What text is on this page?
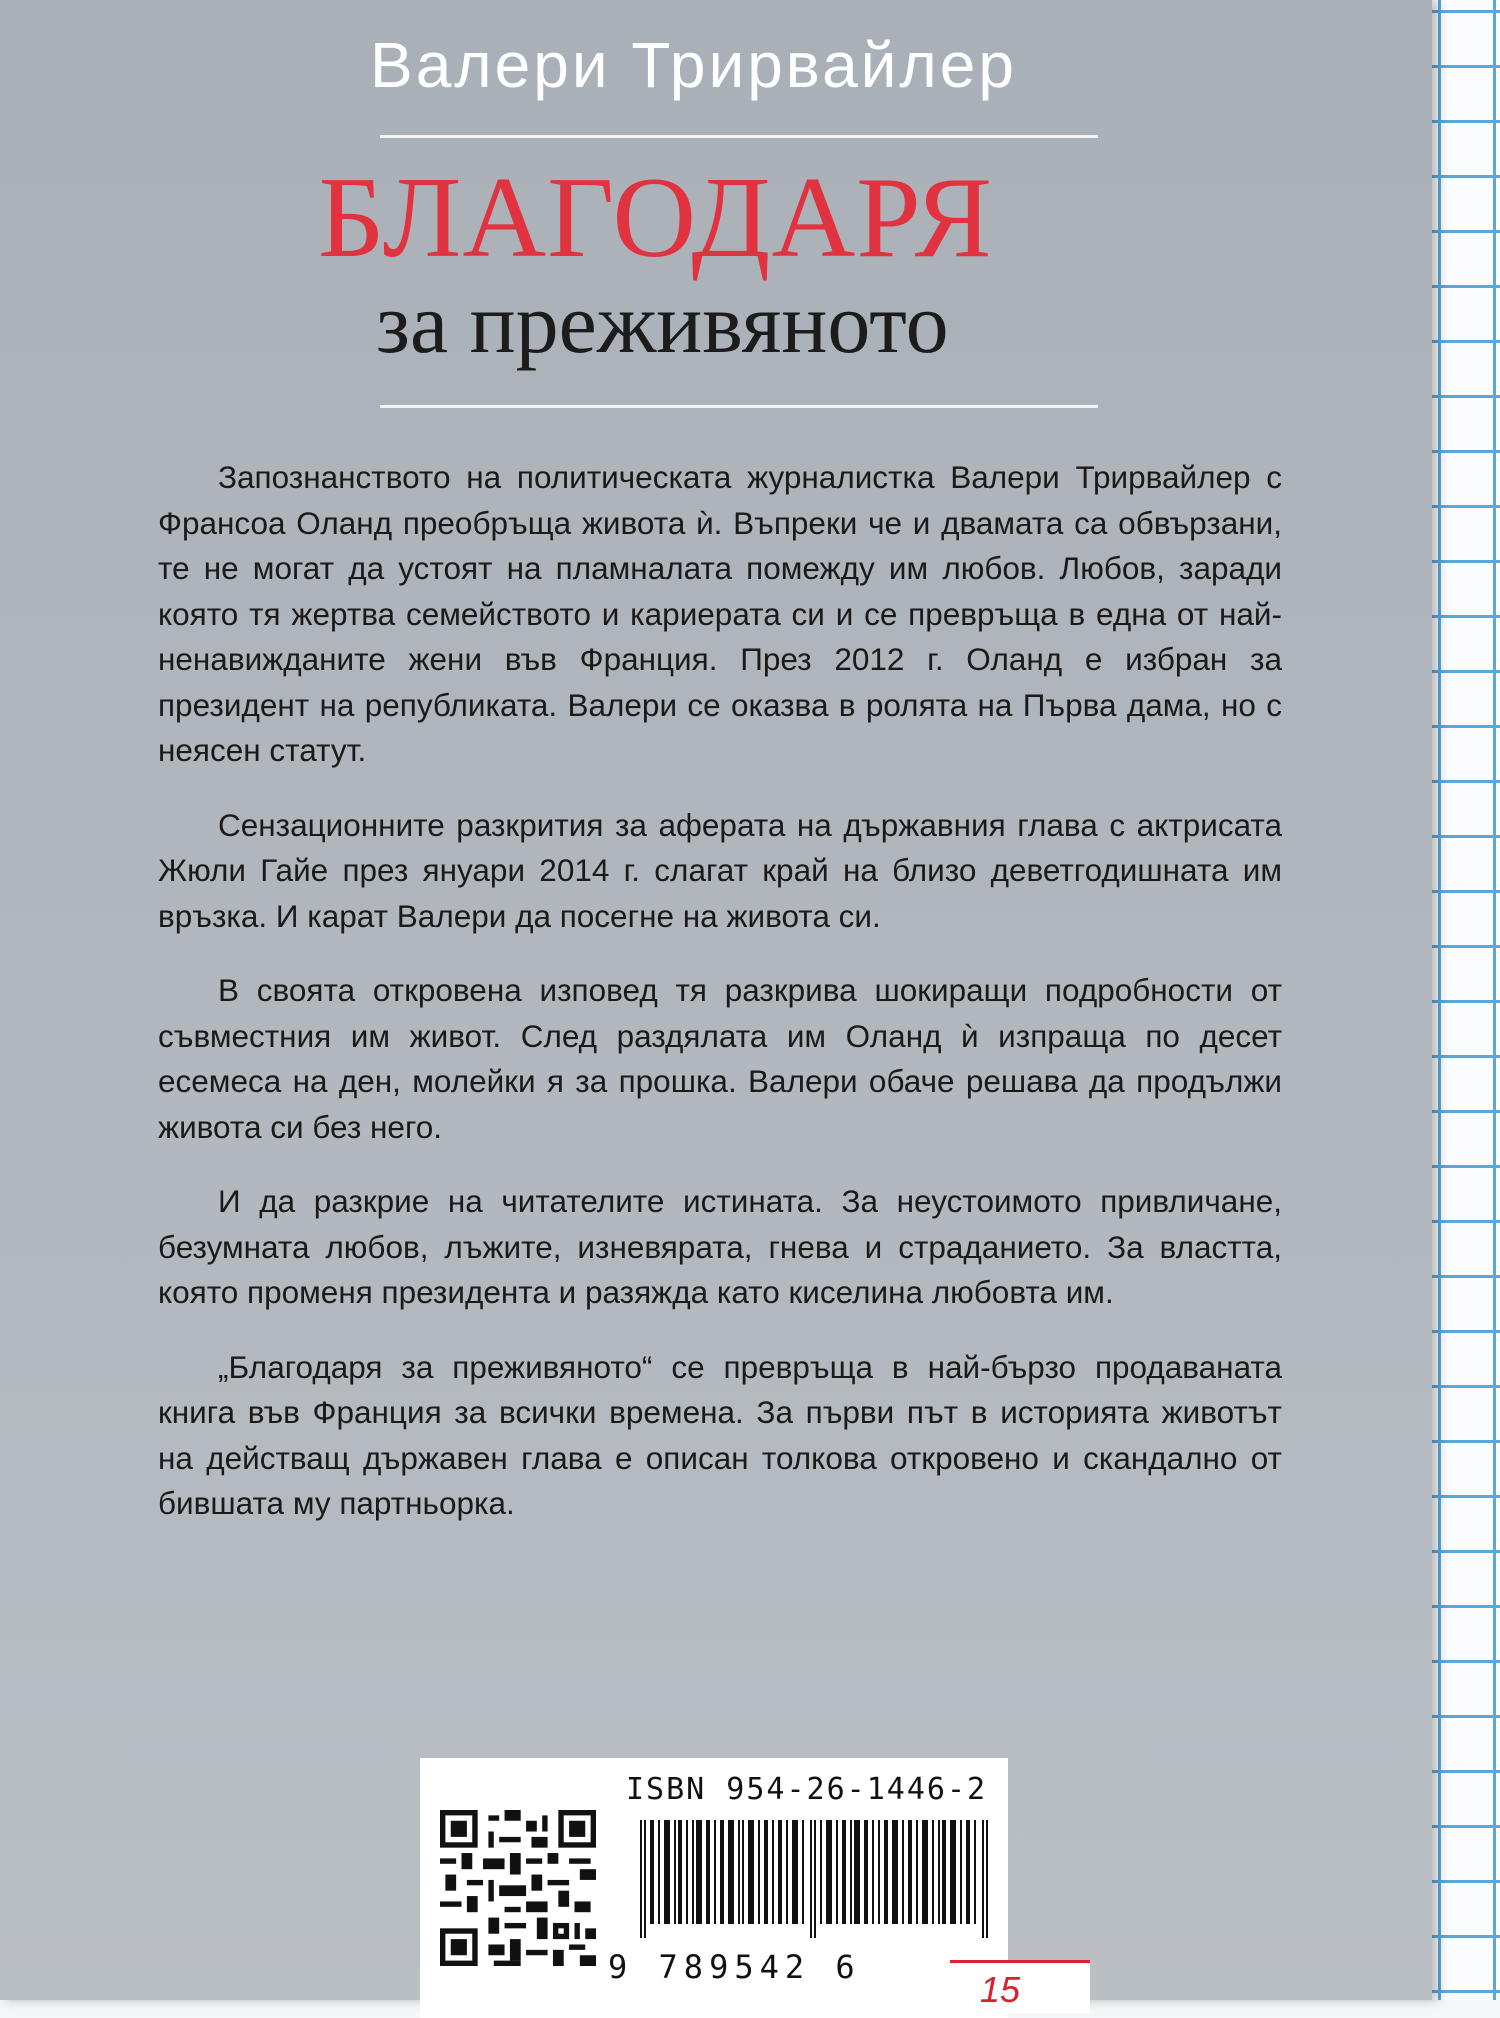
Валери Трирвайлер
БЛАГОДАРЯ
за преживяното

Запознанството на политическата журналистка Валери Трирвайлер с Франсоа Оланд преобръща живота ѝ. Въпреки че и двамата са обвързани, те не могат да устоят на пламналата помежду им любов. Любов, заради която тя жертва семейството и кариерата си и се превръща в една от най-ненавижданите жени във Франция. През 2012 г. Оланд е избран за президент на републиката. Валери се оказва в ролята на Първа дама, но с неясен статут.

Сензационните разкрития за аферата на държавния глава с актрисата Жюли Гайе през януари 2014 г. слагат край на близо деветгодишната им връзка. И карат Валери да посегне на живота си.

В своята откровена изповед тя разкрива шокиращи подробности от съвместния им живот. След раздялата им Оланд ѝ изпраща по десет есемеса на ден, молейки я за прошка. Валери обаче решава да продължи живота си без него.

И да разкрие на читателите истината. За неустоимото привличане, безумната любов, лъжите, изневярата, гнева и страданието. За властта, която променя президента и разяжда като киселина любовта им.

„Благодаря за преживяното“ се превръща в най-бързо продаваната книга във Франция за всички времена. За първи път в историята животът на действащ държавен глава е описан толкова откровено и скандално от бившата му партньорка.

ISBN 954-26-1446-2
9 789542 6
15
